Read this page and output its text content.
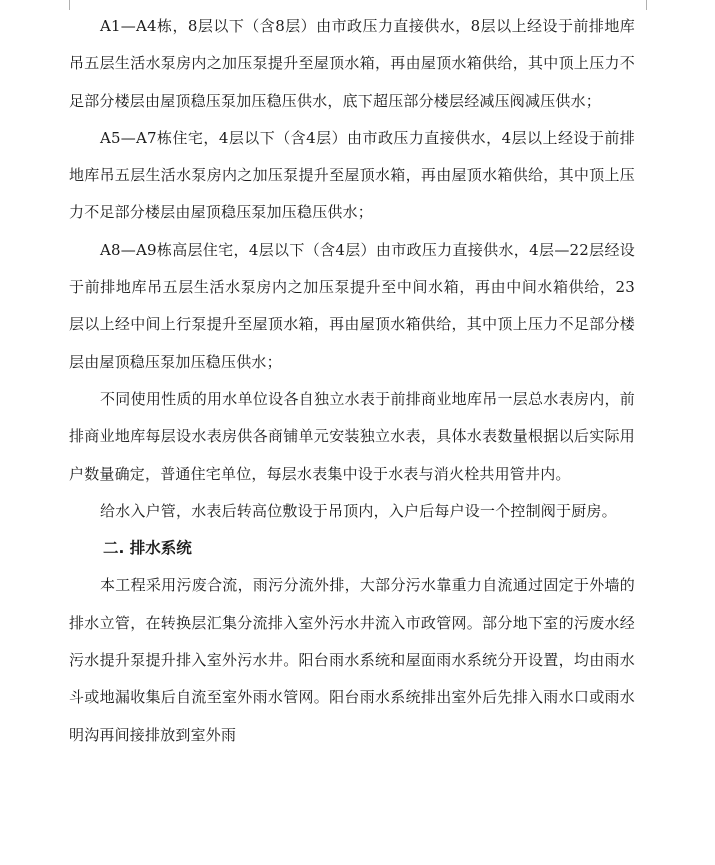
A1—A4栋，8层以下（含8层）由市政压力直接供水，8层以上经设于前排地库吊五层生活水泵房内之加压泵提升至屋顶水箱，再由屋顶水箱供给，其中顶上压力不足部分楼层由屋顶稳压泵加压稳压供水，底下超压部分楼层经减压阀减压供水；

A5—A7栋住宅，4层以下（含4层）由市政压力直接供水，4层以上经设于前排地库吊五层生活水泵房内之加压泵提升至屋顶水箱，再由屋顶水箱供给，其中顶上压力不足部分楼层由屋顶稳压泵加压稳压供水；

A8—A9栋高层住宅，4层以下（含4层）由市政压力直接供水，4层—22层经设于前排地库吊五层生活水泵房内之加压泵提升至中间水箱，再由中间水箱供给，23层以上经中间上行泵提升至屋顶水箱，再由屋顶水箱供给，其中顶上压力不足部分楼层由屋顶稳压泵加压稳压供水；

不同使用性质的用水单位设各自独立水表于前排商业地库吊一层总水表房内，前排商业地库每层设水表房供各商铺单元安装独立水表，具体水表数量根据以后实际用户数量确定，普通住宅单位，每层水表集中设于水表与消火栓共用管井内。

给水入户管，水表后转高位敷设于吊顶内，入户后每户设一个控制阀于厨房。

二. 排水系统

本工程采用污废合流，雨污分流外排，大部分污水靠重力自流通过固定于外墙的排水立管，在转换层汇集分流排入室外污水井流入市政管网。部分地下室的污废水经污水提升泵提升排入室外污水井。阳台雨水系统和屋面雨水系统分开设置，均由雨水斗或地漏收集后自流至室外雨水管网。阳台雨水系统排出室外后先排入雨水口或雨水明沟再间接排放到室外雨
